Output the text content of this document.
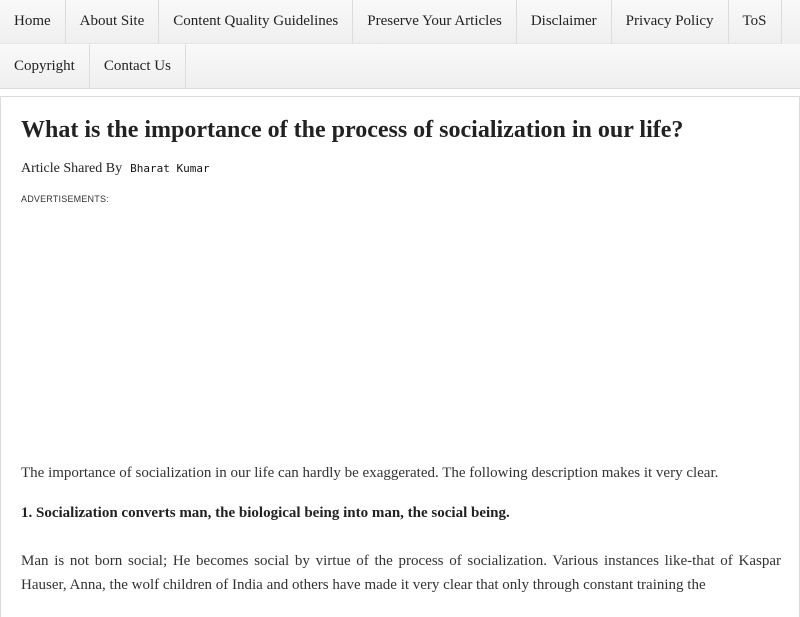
Home	About Site	Content Quality Guidelines	Preserve Your Articles	Disclaimer	Privacy Policy	ToS
Copyright	Contact Us
What is the importance of the process of socialization in our life?
Article Shared By Bharat Kumar
ADVERTISEMENTS:

The importance of socialization in our life can hardly be exaggerated. The following description makes it very clear.

1. Socialization converts man, the biological being into man, the social being.

Man is not born social; He becomes social by virtue of the process of socialization. Various instances like-that of Kaspar Hauser, Anna, the wolf children of India and others have made it very clear that only through constant training the
